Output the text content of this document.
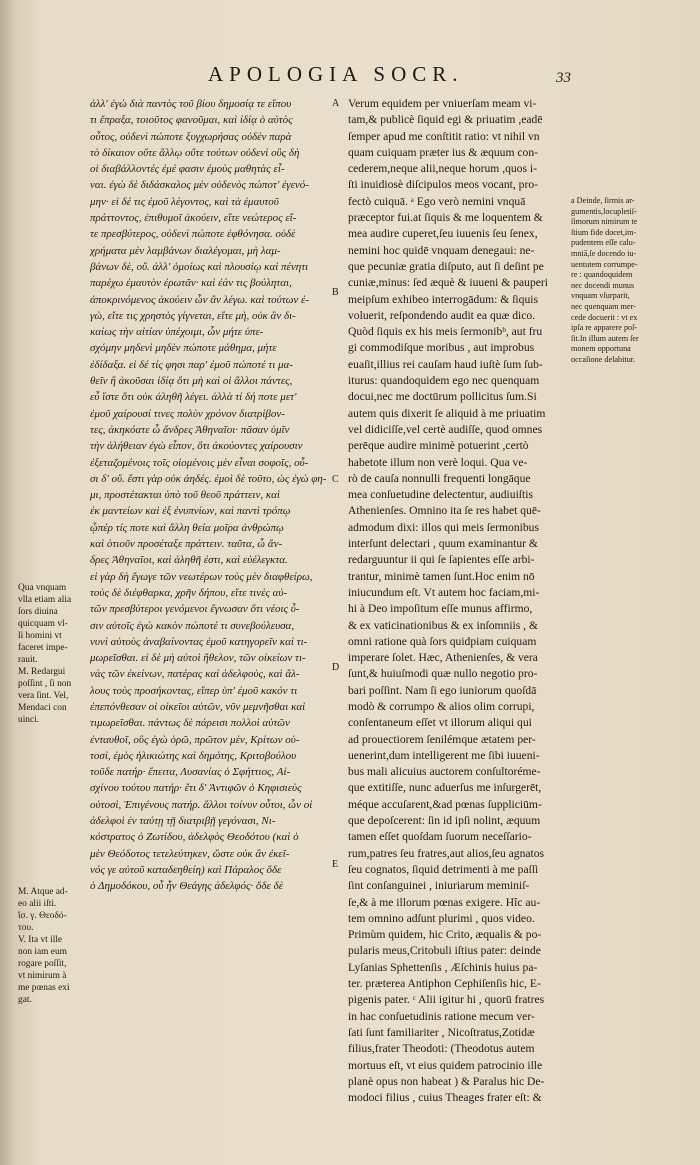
APOLOGIA SOCR.	33
ἀλλ' ἐγὼ διὰ παντὸς τοῦ βίου δημοσίᾳ τε εἴπου
τι ἔπραξα, τοιοῦτος φανοῦμαι, καὶ ἰδίᾳ ὁ αὐτὸς
οὗτος, οὐδενὶ πώποτε ξυγχωρήσας οὐδὲν παρὰ
τὸ δίκαιον οὔτε ἄλλῳ οὔτε τούτων οὐδενὶ οὓς δὴ
οἱ διαβάλλοντές ἐμέ φασιν ἐμοὺς μαθητὰς εἶ-
ναι. ἐγὼ δὲ διδάσκαλος μὲν οὐδενὸς πώποτ' ἐγενό-
μην· εἰ δέ τις ἐμοῦ λέγοντος, καὶ τὰ ἐμαυτοῦ
πράττοντος, ἐπιθυμοῖ ἀκούειν, εἴτε νεώτερος εἴ-
τε πρεσβύτερος, οὐδενὶ πώποτε ἐφθόνησα. οὐδὲ
χρήματα μὲν λαμβάνων διαλέγομαι, μὴ λαμ-
βάνων δὲ, οὔ. ἀλλ' ὁμοίως καὶ πλουσίῳ καὶ πένητι
παρέχω ἐμαυτὸν ἐρωτᾶν· καὶ ἐάν τις βούληται,
ἀποκρινόμενος ἀκούειν ὧν ἂν λέγω. καὶ τούτων ἐ-
γὼ, εἴτε τις χρηστὸς γίγνεται, εἴτε μὴ, οὐκ ἂν δι-
καίως τὴν αἰτίαν ὑπέχοιμι, ὧν μήτε ὑπε-
σχόμην μηδενὶ μηδὲν πώποτε μάθημα, μήτε
ἐδίδαξα. εἰ δέ τίς φησι παρ' ἐμοῦ πώποτέ τι μα-
θεῖν ἢ ἀκοῦσαι ἰδίᾳ ὅτι μὴ καὶ οἱ ἄλλοι πάντες,
εὖ ἴστε ὅτι οὐκ ἀληθῆ λέγει. ἀλλὰ τί δή ποτε μετ'
ἐμοῦ χαίρουσί τινες πολὺν χρόνον διατρίβον-
τες, ἀκηκόατε ὦ ἄνδρες Ἀθηναῖοι· πᾶσαν ὑμῖν
τὴν ἀλήθειαν ἐγὼ εἶπον, ὅτι ἀκούοντες χαίρουσιν
ἐξεταζομένοις τοῖς οἰομένοις μὲν εἶναι σοφοῖς, οὖ-
σι δ' οὔ. ἔστι γὰρ οὐκ ἀηδές. ἐμοὶ δὲ τοῦτο, ὡς ἐγώ φη-
μι, προστέτακται ὑπὸ τοῦ θεοῦ πράττειν, καὶ
ἐκ μαντείων καὶ ἐξ ἐνυπνίων, καὶ παντὶ τρόπῳ
ᾧπέρ τίς ποτε καὶ ἄλλη θεία μοῖρα ἀνθρώπῳ
καὶ ὁτιοῦν προσέταξε πράττειν. ταῦτα, ὦ ἄν-
δρες Ἀθηναῖοι, καὶ ἀληθῆ ἐστι, καὶ εὐέλεγκτα.
εἰ γὰρ δὴ ἔγωγε τῶν νεωτέρων τοὺς μὲν διαφθείρω,
τοὺς δὲ διέφθαρκα, χρῆν δήπου, εἴτε τινὲς αὐ-
τῶν πρεσβύτεροι γενόμενοι ἔγνωσαν ὅτι νέοις ὖ-
σιν αὐτοῖς ἐγὼ κακὸν πώποτέ τι συνεβούλευσα,
νυνὶ αὐτοὺς ἀναβαίνοντας ἐμοῦ κατηγορεῖν καὶ τι-
μωρεῖσθαι. εἰ δὲ μὴ αὐτοὶ ἤθελον, τῶν οἰκείων τι-
νὰς τῶν ἐκείνων, πατέρας καὶ ἀδελφοὺς, καὶ ἄλ-
λους τοὺς προσήκοντας, εἴπερ ὑπ' ἐμοῦ κακόν τι
ἐπεπόνθεσαν οἱ οἰκεῖοι αὐτῶν, νῦν μεμνῆσθαι καὶ
τιμωρεῖσθαι. πάντως δὲ πάρεισι πολλοὶ αὐτῶν
ἐνταυθοῖ, οὓς ἐγὼ ὁρῶ, πρῶτον μὲν, Κρίτων οὑ-
τοσὶ, ἐμὸς ἡλικιώτης καὶ δημότης, Κριτοβούλου
τοῦδε πατήρ· ἔπειτα, Λυσανίας ὁ Σφήττιος, Αἰ-
σχίνου τούτου πατήρ· ἔτι δ' Ἀντιφῶν ὁ Κηφισιεὺς
οὑτοσὶ, Ἐπιγένους πατήρ. ἄλλοι τοίνυν οὗτοι, ὧν οἱ
ἀδελφοὶ ἐν ταύτῃ τῇ διατριβῇ γεγόνασι, Νι-
κόστρατος ὁ Ζωτίδου, ἀδελφὸς Θεοδότου (καὶ ὁ
μὲν Θεόδοτος τετελεύτηκεν, ὥστε οὐκ ἂν ἐκεῖ-
νός γε αὐτοῦ καταδεηθείη) καὶ Πάραλος ὅδε
ὁ Δημοδόκου, οὗ ἦν Θεάγης ἀδελφός· ὅδε δὲ
Verum equidem per vniuerſam meam vi-
tam,& publicè ſiquid egi & priuatim ,eadē
ſemper apud me conſtitit ratio: vt nihil vn
quam cuiquam præter ius & æquum con-
cederem,neque alii,neque horum ,quos i-
ſti inuidiosè diſcipulos meos vocant, pro-
fectò cuiquā. ᵃ Ego verò nemini vnquā
præceptor fui.at ſiquis & me loquentem &
mea audire cuperet,ſeu iuuenis ſeu ſenex,
nemini hoc quidē vnquam denegaui: ne-
que pecuniæ gratia diſputo, aut ſi deſint pe
cuniæ,minus: ſed æquè & iuueni & pauperi
meipſum exhibeo interrogādum: & ſiquis
voluerit, reſpondendo audit ea quæ dico.
Quòd ſiquis ex his meis ſermonibᵇ, aut fru
gi commodiſque moribus , aut improbus
euaſit,illius rei cauſam haud iuſtè ſum ſub-
iturus: quandoquidem ego nec quenquam
docui,nec me doctūrum pollicitus ſum.Si
autem quis dixerit ſe aliquid à me priuatim
vel didiciſſe,vel certè audiſſe, quod omnes
perēque audire minimè potuerint ,certò
habetote illum non verè loqui. Qua ve-
rò de cauſa nonnulli frequenti longāque
mea conſuetudine delectentur, audiuiſtis
Athenienſes. Omnino ita ſe res habet quē-
admodum dixi: illos qui meis ſermonibus
interſunt delectari , quum examinantur &
redarguuntur ii qui ſe ſapientes eſſe arbi-
trantur, minimè tamen ſunt.Hoc enim nō
iniucundum eſt. Vt autem hoc faciam,mi-
hi à Deo impoſitum eſſe munus affirmo,
& ex vaticinationibus & ex inſomniis , &
omni ratione quà ſors quidpiam cuiquam
imperare ſolet. Hæc, Athenienſes, & vera
ſunt,& huiuſmodi quæ nullo negotio pro-
bari poſſint. Nam ſi ego iuniorum quoſdā
modò & corrumpo & alios olim corrupi,
conſentaneum eſſet vt illorum aliqui qui
ad prouectiorem ſenilémque ætatem per-
uenerint,dum intelligerent me ſibi iuueni-
bus mali alicuius auctorem conſultoréme-
que extitiſſe, nunc aduerſus me inſurgerēt,
méque accuſarent,&ad pœnas ſuppliciūm-
que depoſcerent: ſin id ipſi nolint, æquum
tamen eſſet quoſdam ſuorum neceſſario-
rum,patres ſeu fratres,aut alios,ſeu agnatos
ſeu cognatos, ſiquid detrimenti à me paſſi
ſint conſanguinei , iniuriarum meminiſ-
ſe,& à me illorum pœnas exigere. Hîc au-
tem omnino adſunt plurimi , quos video.
Primùm quidem, hic Crito, æqualis & po-
pularis meus,Critobuli iſtius pater: deinde
Lyſanias Sphettenſis , Æſchinis huius pa-
ter. præterea Antiphon Cephiſenſis hic, E-
pigenis pater. ᶜ Alii igitur hi , quorū fratres
in hac conſuetudinis ratione mecum ver-
ſati ſunt familiariter , Nicoſtratus,Zotidæ
filius,frater Theodoti: (Theodotus autem
mortuus eſt, vt eius quidem patrocinio ille
planè opus non habeat ) & Paralus hic De-
modoci filius , cuius Theages frater eſt: &
A
B
C
D
E
Qua vnquam
vlla etiam alia
ſors diuina
quicquam vl-
li homini vt
faceret impe-
rauit.
M. Redargui
poſſint , ſi non
vera ſint. Vel,
Mendaci con
uinci.
M. Atque ad-
eo alii iſti.
ἴσ. γ. Θεοδό-
του.
V. Ita vt ille
non iam eum
rogare poſſit,
vt nimirum à
me pœnas exi
gat.
a Deinde, ſirmis ar-
gumentis,locupletiſ-
ſimorum nimirum te
ſtium fide docet,im-
pudentem eſſe calu-
mniā,ſe docendo iu-
uentutem corrumpe-
re : quandoquidem
nec docendi munus
vnquam vſurparit,
nec quenquam mer-
cede docuerit : vt ex
ipſa re apparere poſ-
ſit.In illum autem ſer
monem opportuna
occaſione delabitur.
